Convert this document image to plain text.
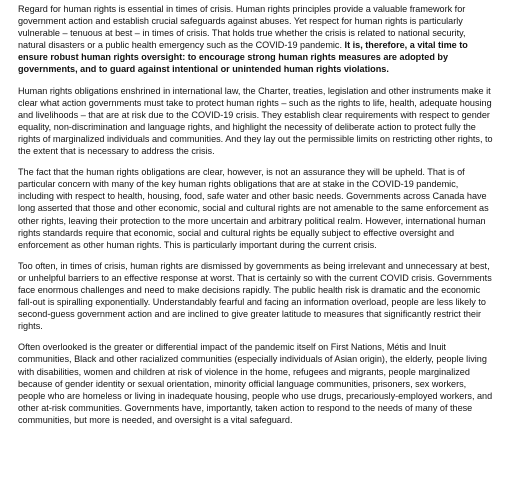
Regard for human rights is essential in times of crisis. Human rights principles provide a valuable framework for government action and establish crucial safeguards against abuses. Yet respect for human rights is particularly vulnerable – tenuous at best – in times of crisis. That holds true whether the crisis is related to national security, natural disasters or a public health emergency such as the COVID-19 pandemic. It is, therefore, a vital time to ensure robust human rights oversight: to encourage strong human rights measures are adopted by governments, and to guard against intentional or unintended human rights violations.

Human rights obligations enshrined in international law, the Charter, treaties, legislation and other instruments make it clear what action governments must take to protect human rights – such as the rights to life, health, adequate housing and livelihoods – that are at risk due to the COVID-19 crisis. They establish clear requirements with respect to gender equality, non-discrimination and language rights, and highlight the necessity of deliberate action to protect fully the rights of marginalized individuals and communities. And they lay out the permissible limits on restricting other rights, to the extent that is necessary to address the crisis.

The fact that the human rights obligations are clear, however, is not an assurance they will be upheld. That is of particular concern with many of the key human rights obligations that are at stake in the COVID-19 pandemic, including with respect to health, housing, food, safe water and other basic needs. Governments across Canada have long asserted that those and other economic, social and cultural rights are not amenable to the same enforcement as other rights, leaving their protection to the more uncertain and arbitrary political realm. However, international human rights standards require that economic, social and cultural rights be equally subject to effective oversight and enforcement as other human rights. This is particularly important during the current crisis.

Too often, in times of crisis, human rights are dismissed by governments as being irrelevant and unnecessary at best, or unhelpful barriers to an effective response at worst. That is certainly so with the current COVID crisis. Governments face enormous challenges and need to make decisions rapidly. The public health risk is dramatic and the economic fall-out is spiralling exponentially. Understandably fearful and facing an information overload, people are less likely to second-guess government action and are inclined to give greater latitude to measures that significantly restrict their rights.

Often overlooked is the greater or differential impact of the pandemic itself on First Nations, Métis and Inuit communities, Black and other racialized communities (especially individuals of Asian origin), the elderly, people living with disabilities, women and children at risk of violence in the home, refugees and migrants, people marginalized because of gender identity or sexual orientation, minority official language communities, prisoners, sex workers, people who are homeless or living in inadequate housing, people who use drugs, precariously-employed workers, and other at-risk communities. Governments have, importantly, taken action to respond to the needs of many of these communities, but more is needed, and oversight is a vital safeguard.
